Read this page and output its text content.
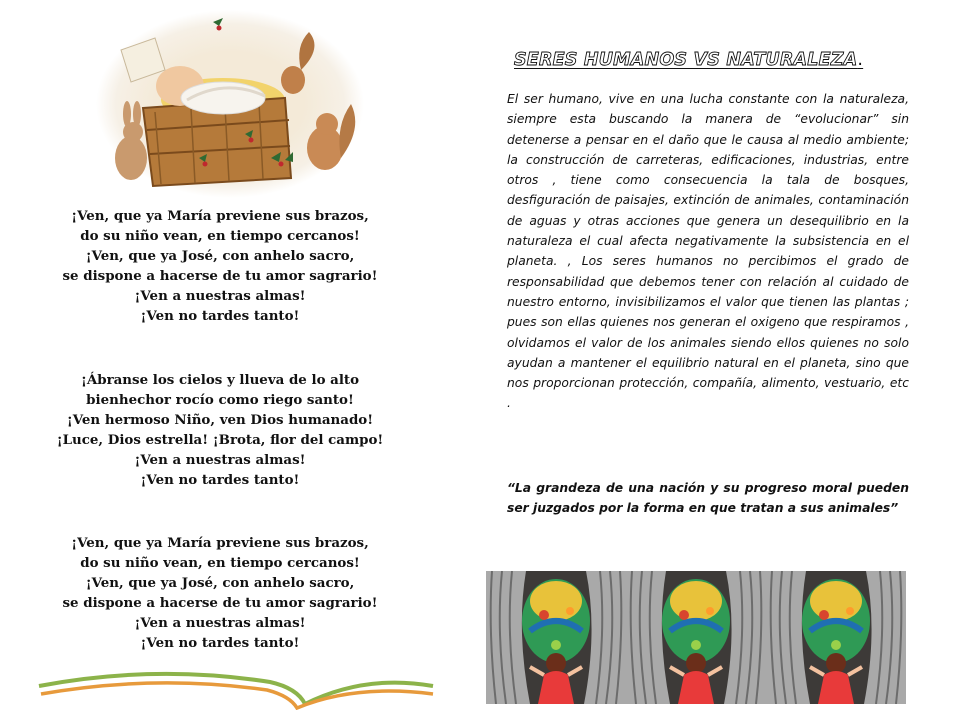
¡Ven, que ya María previene sus brazos,
do su niño vean, en tiempo cercanos!
¡Ven, que ya José, con anhelo sacro,
se dispone a hacerse de tu amor sagrario!
¡Ven a nuestras almas!
¡Ven no tardes tanto!
¡Ábranse los cielos y llueva de lo alto
bienhechor rocío como riego santo!
¡Ven hermoso Niño, ven Dios humanado!
¡Luce, Dios estrella! ¡Brota, flor del campo!
¡Ven a nuestras almas!
¡Ven no tardes tanto!
¡Ven, que ya María previene sus brazos,
do su niño vean, en tiempo cercanos!
¡Ven, que ya José, con anhelo sacro,
se dispone a hacerse de tu amor sagrario!
¡Ven a nuestras almas!
¡Ven no tardes tanto!
SERES HUMANOS VS NATURALEZA.

El ser humano, vive en una lucha constante con la naturaleza, siempre esta buscando la manera de “evolucionar” sin detenerse a pensar en el daño que le causa al medio ambiente; la construcción de carreteras, edificaciones, industrias, entre otros , tiene como consecuencia la tala de bosques, desfiguración de paisajes, extinción de animales, contaminación de aguas y otras acciones que genera un desequilibrio en la naturaleza el cual afecta negativamente la subsistencia en el planeta. , Los seres humanos no percibimos el grado de responsabilidad que debemos tener con relación al cuidado de nuestro entorno, invisibilizamos el valor que tienen las plantas ; pues son ellas quienes nos generan el oxigeno que respiramos , olvidamos el valor de los animales siendo ellos quienes no solo ayudan a mantener el equilibrio natural en el planeta, sino que nos proporcionan protección, compañía, alimento, vestuario, etc .

“La grandeza de una nación y su progreso moral pueden ser juzgados por la forma en que tratan a sus animales”
